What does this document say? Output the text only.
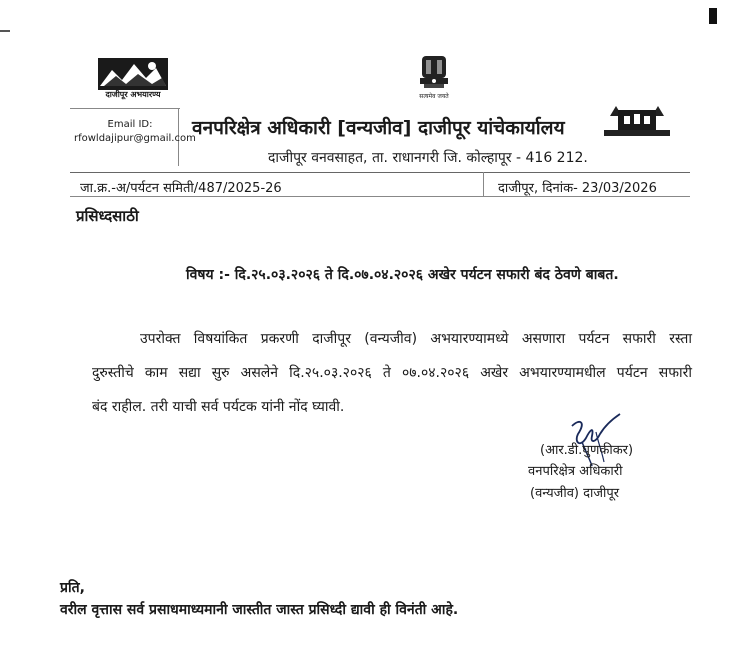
दाजीपूर अभयारण्य	सत्यमेव जयते
Email ID:
rfowldajipur@gmail.com
वनपरिक्षेत्र अधिकारी [वन्यजीव] दाजीपूर यांचेकार्यालय
दाजीपूर वनवसाहत, ता. राधानगरी जि. कोल्हापूर - 416 212.
जा.क्र.-अ/पर्यटन समिती/487/2025-26	दाजीपूर, दिनांक- 23/03/2026
प्रसिध्दसाठी
विषय :- दि.२५.०३.२०२६ ते दि.०७.०४.२०२६ अखेर पर्यटन सफारी बंद ठेवणे बाबत.
उपरोक्त विषयांकित प्रकरणी दाजीपूर (वन्यजीव) अभयारण्यामध्ये असणारा पर्यटन सफारी रस्ता
दुरुस्तीचे काम सद्या सुरु असलेने दि.२५.०३.२०२६ ते ०७.०४.२०२६ अखेर अभयारण्यामधील पर्यटन सफारी
बंद राहील. तरी याची सर्व पर्यटक यांनी नोंद घ्यावी.
(आर.डी.घुणकीकर)
वनपरिक्षेत्र अधिकारी
(वन्यजीव) दाजीपूर
प्रति,
वरील वृत्तास सर्व प्रसाधमाध्यमानी जास्तीत जास्त प्रसिध्दी द्यावी ही विनंती आहे.
